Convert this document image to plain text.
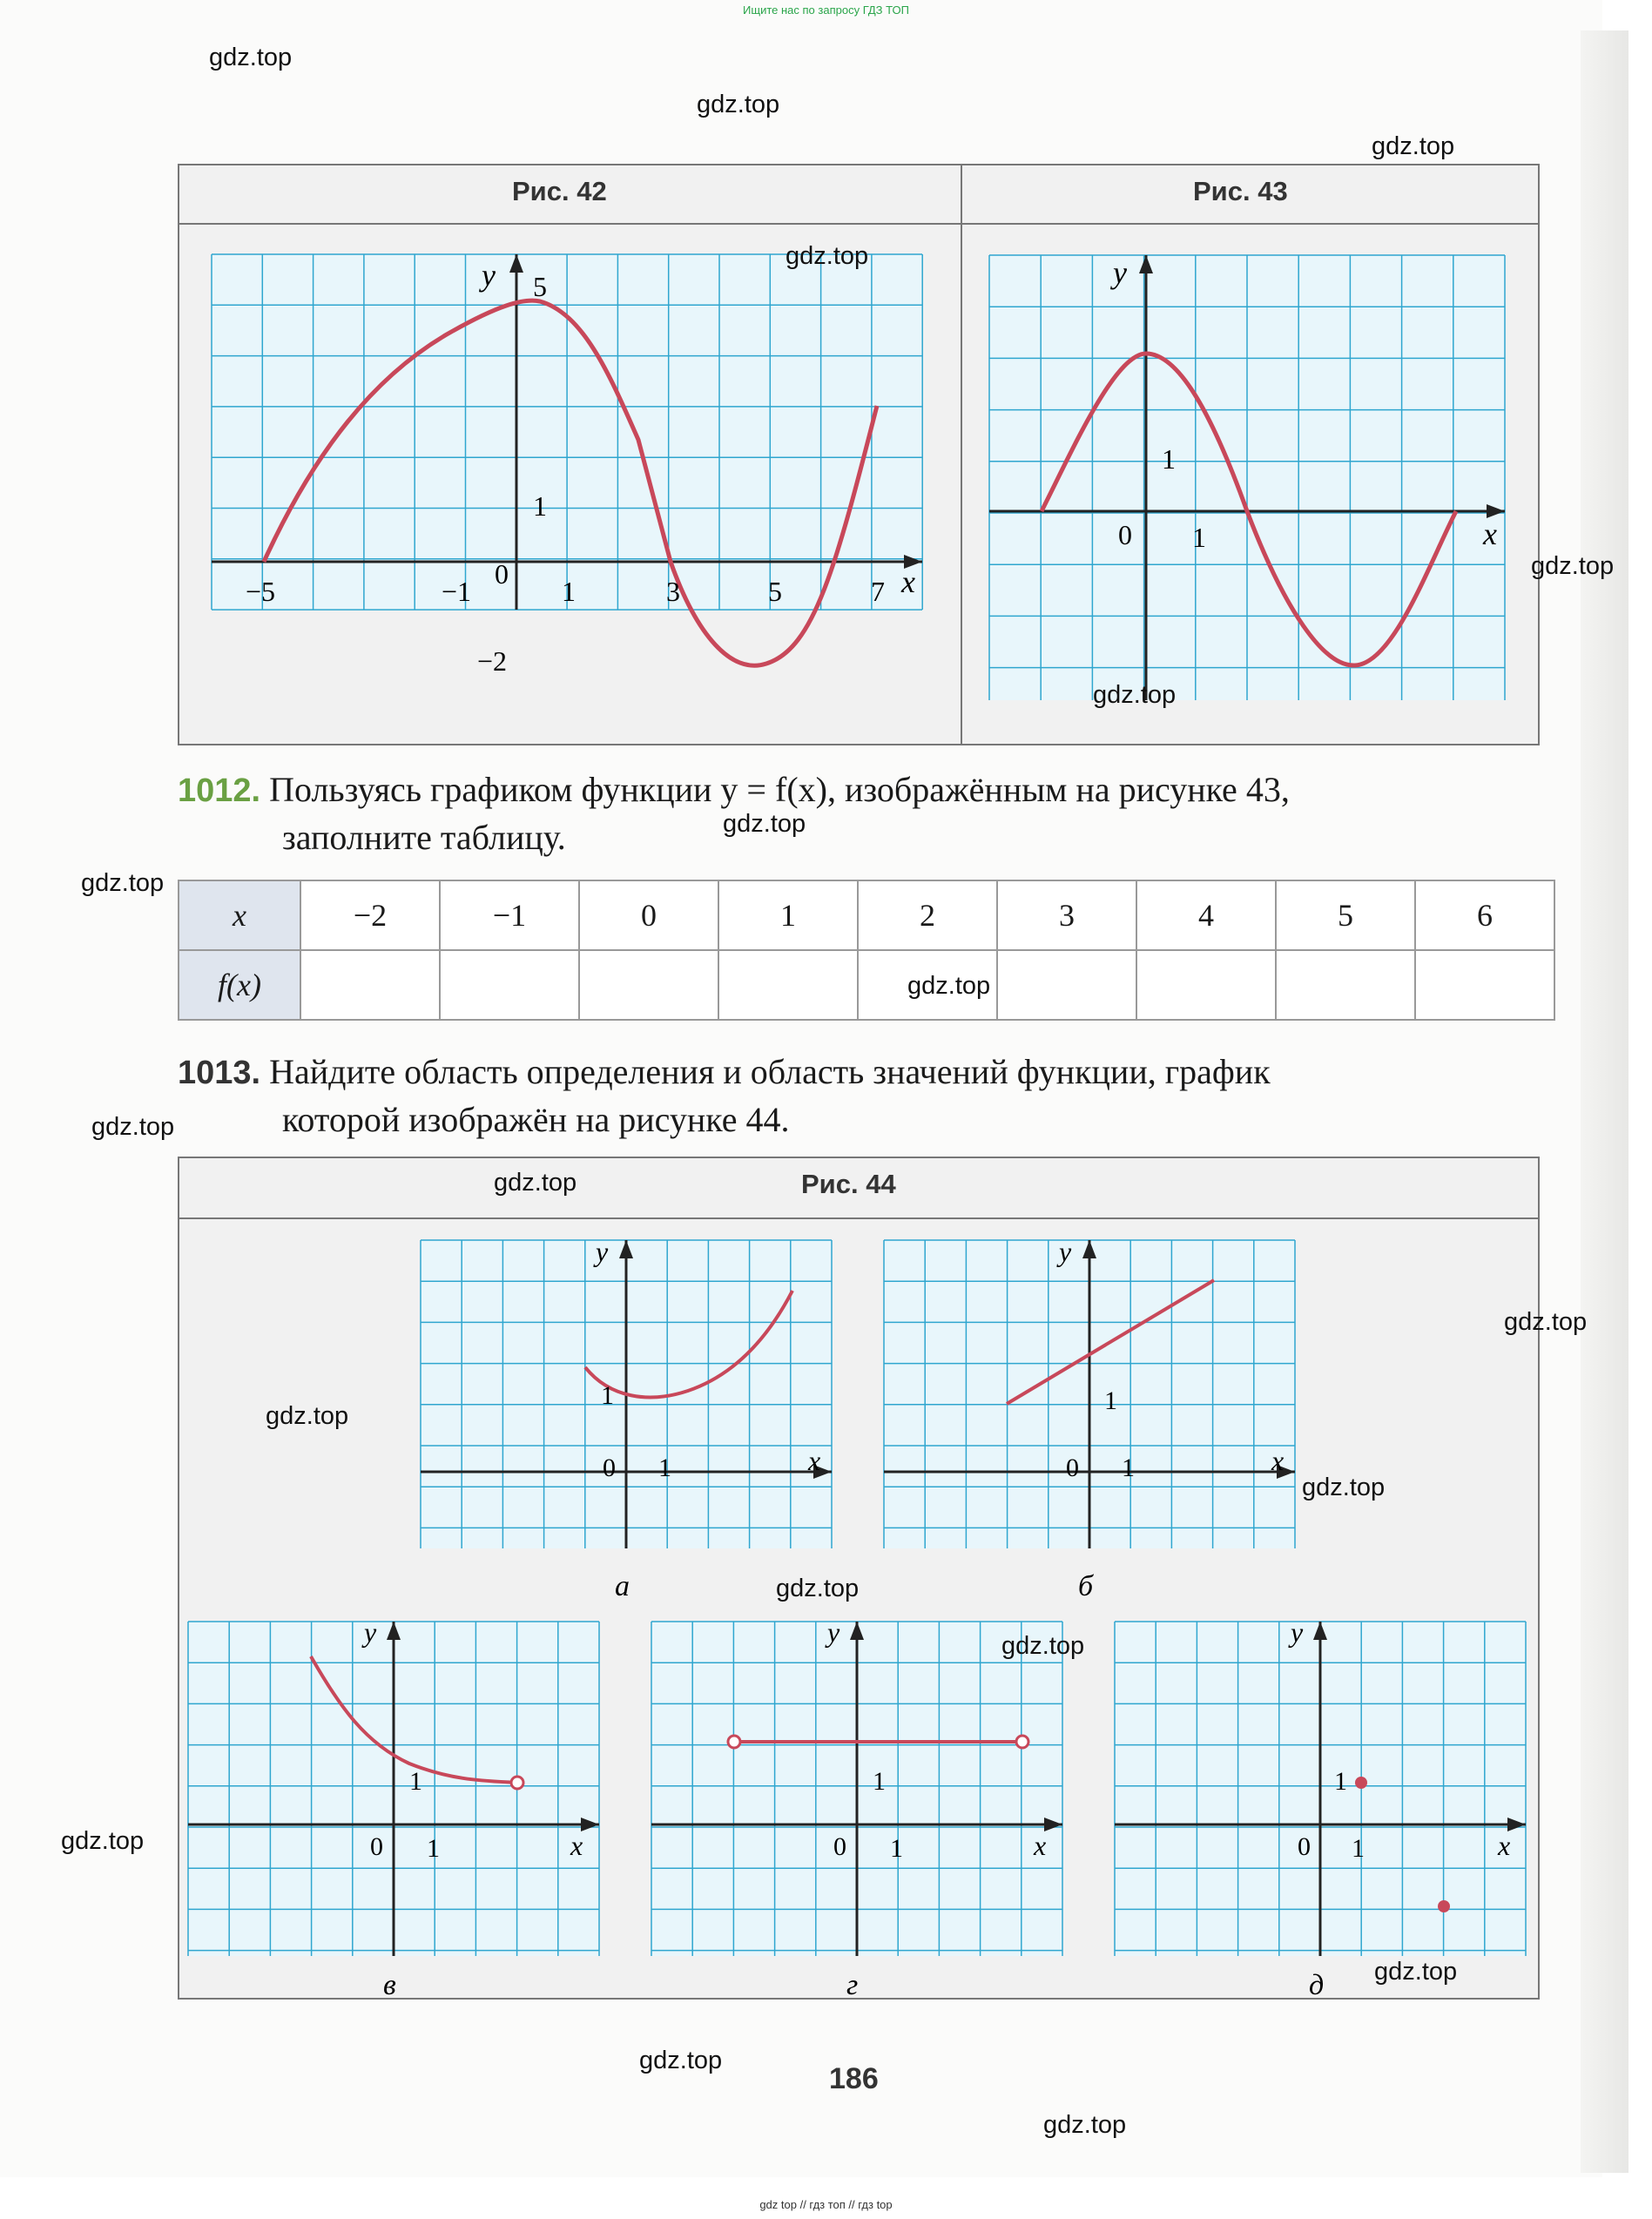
Ищите нас по запросу ГДЗ ТОП
Рис. 42	Рис. 43
y
x
0
−5	−1	1	3	5	7
5
1
−2
y
x
0 1
1
1012. Пользуясь графиком функции y = f(x), изображённым на рисунке 43,
заполните таблицу.
x	−2	−1	0	1	2	3	4	5	6
f(x)									
1013. Найдите область определения и область значений функции, график
которой изображён на рисунке 44.
Рис. 44
y
x
0 1
1
а
y
x
0 1
1
б
y
x
0 1
1
в
y
x
0 1
1
г
y
x
0 1
1
д
186
gdz.top
gdz.top
gdz.top
gdz.top
gdz.top
gdz.top
gdz.top
gdz.top
gdz.top
gdz.top
gdz.top
gdz.top
gdz.top
gdz.top
gdz.top
gdz.top
gdz.top
gdz.top
gdz.top
gdz.top
gdz top // гдз топ // гдз top
